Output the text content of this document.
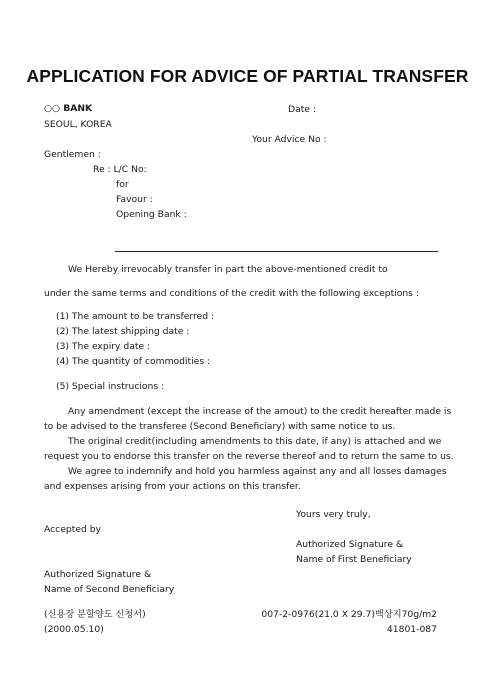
APPLICATION FOR ADVICE OF PARTIAL TRANSFER
○○ BANK
SEOUL, KOREA
Date :
Your Advice No :
Gentlemen :
Re : L/C No:
for
Favour :
Opening Bank :
We Hereby irrevocably transfer in part the above-mentioned credit to
under the same terms and conditions of the credit with the following exceptions :
(1) The amount to be transferred :
(2) The latest shipping date :
(3) The expiry date :
(4) The quantity of commodities :
(5) Special instrucions :
Any amendment (except the increase of the amout) to the credit hereafter made is
to be advised to the transferee (Second Beneficiary) with same notice to us.
The original credit(including amendments to this date, if any) is attached and we
request you to endorse this transfer on the reverse thereof and to return the same to us.
We agree to indemnify and hold you harmless against any and all losses damages
and expenses arising from your actions on this transfer.
Yours very truly,
Accepted by
Authorized Signature &
Name of First Beneficiary
Authorized Signature &
Name of Second Beneficiary
(신용장 분할양도 신청서)
(2000.05.10)
007-2-0976(21.0 X 29.7)백상지70g/m2
41801-087
